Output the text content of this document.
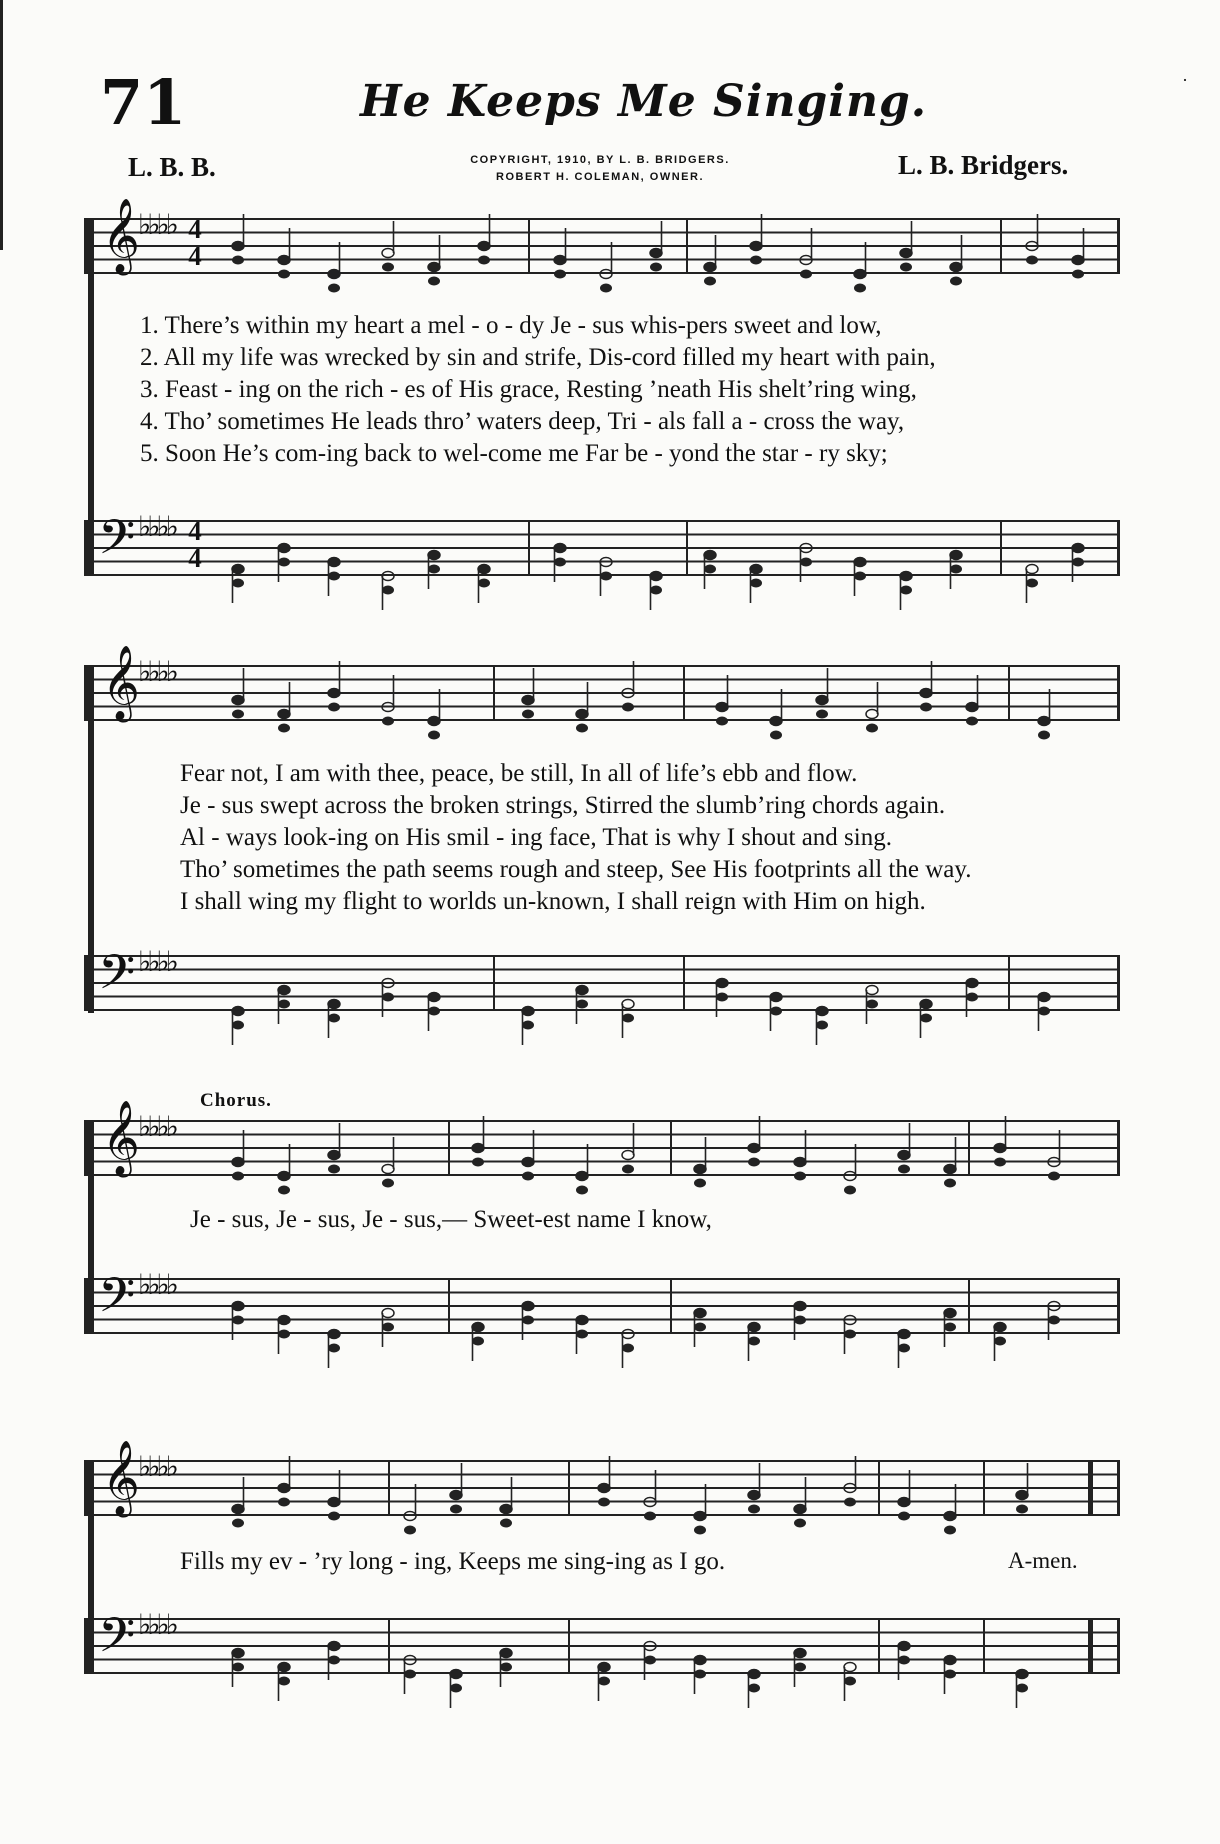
·
71	He Keeps Me Singing.
L. B. B.	COPYRIGHT, 1910, BY L. B. BRIDGERS.
ROBERT H. COLEMAN, OWNER.	L. B. Bridgers.
𝄞
♭♭♭♭ 4
4
1. There’s within my heart a mel - o - dy Je - sus whis-pers sweet and low,
2. All my life was wrecked by sin and strife, Dis-cord filled my heart with pain,
3. Feast - ing on the rich - es of His grace, Resting ’neath His shelt’ring wing,
4. Tho’ sometimes He leads thro’ waters deep, Tri - als fall a - cross the way,
5. Soon He’s com-ing back to wel-come me Far be - yond the star - ry sky;
𝄢 ♭♭♭♭ 4
4
𝄞
♭♭♭♭
Fear not, I am with thee, peace, be still, In all of life’s ebb and flow.
Je - sus swept across the broken strings, Stirred the slumb’ring chords again.
Al - ways look-ing on His smil - ing face, That is why I shout and sing.
Tho’ sometimes the path seems rough and steep, See His footprints all the way.
I shall wing my flight to worlds un-known, I shall reign with Him on high.
𝄢 ♭♭♭♭
Chorus.
𝄞
♭♭♭♭
Je - sus, Je - sus, Je - sus,— Sweet-est name I know,
𝄢 ♭♭♭♭
𝄞
♭♭♭♭
Fills my ev - ’ry long - ing, Keeps me sing-ing as I go.	A-men.
𝄢 ♭♭♭♭
